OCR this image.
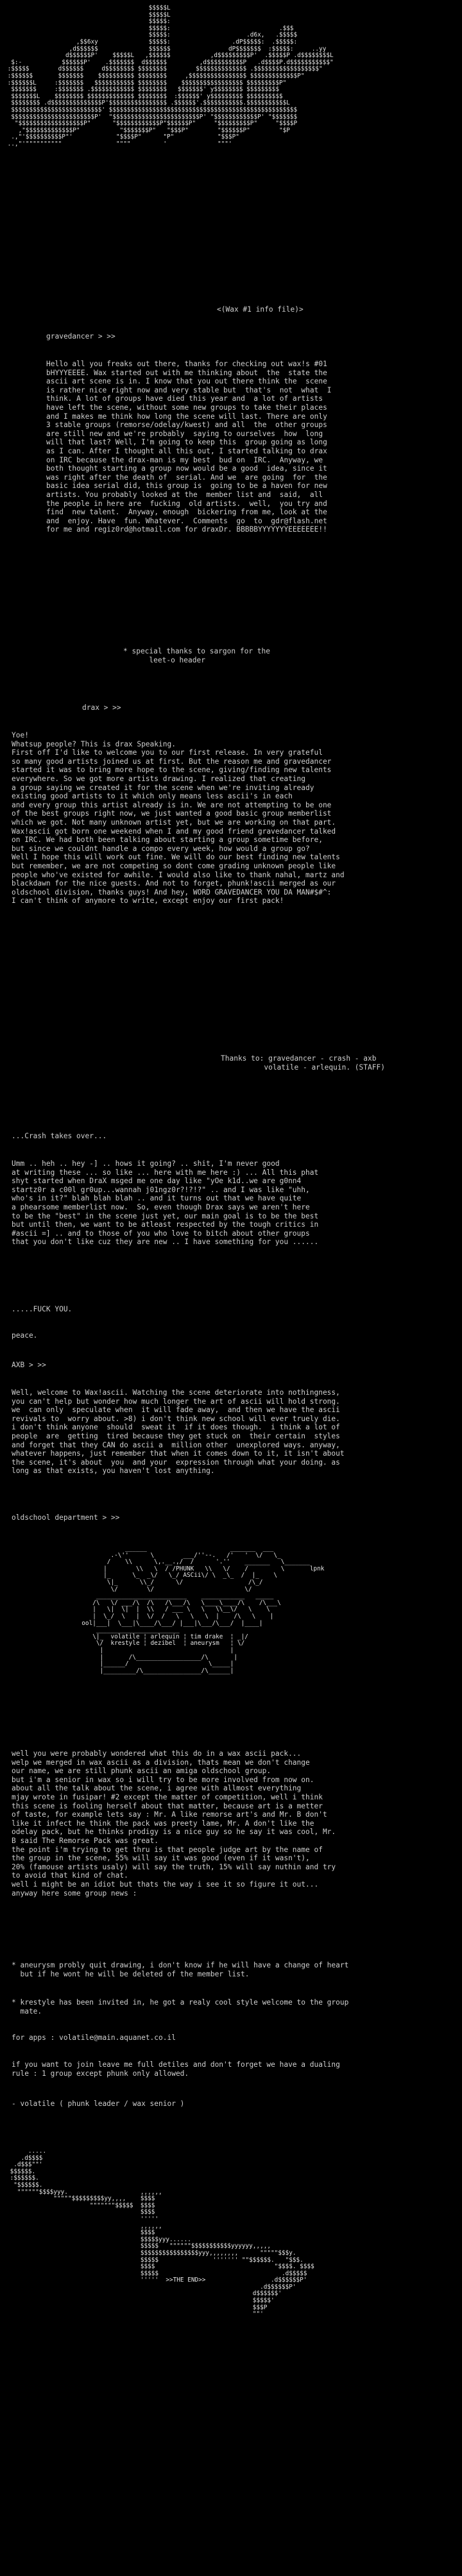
$$$$$L
$$$$$L
$$$$$:
$$$$$:                              .$$$
$$$$$:                     .d6x,   .$$$$$
,$$6xy              $$$$$:                 .dP$$$$$:  .$$$$$:
,d$$$$$$              $$$$$$                dP$$$$$$$  :$$$$$:     ..yy
d$$$$$$P'    $$$$$L   ,$$$$$$           ,d$$$$$$$$$P'  .$$$$$P .d$$$$$$$$L
$:-           $$$$$$P'    .$$$$$$$  d$$$$$$         ,d$$$$$$$$$$P   .d$$$$P.d$$$$$$$$$$$"
:$$$$$        d$$$$$$     d$$$$$$$$ $$$$$$$$        $$$$$$$$$$$$$$ .$$$$$$$$$$$$$$$$$$"
:$$$$$$       $$$$$$$    $$$$$$$$$$ $$$$$$$$     ,$$$$$$$$$$$$$$$$ $$$$$$$$$$$$$P"
:$$$$$$L     :$$$$$$$   $$$$$$$$$$$ $$$$$$$$    $$$$$$$$$$$$$$$$$ $$$$$$$$$P"
$$$$$$$     :$$$$$$$ .$$$$$$$$$$$$ $$$$$$$$   $$$$$$$' y$$$$$$$$ $$$$$$$$$
$$$$$$$L    $$$$$$$$ $$$$$$$$$$$$$ $$$$$$$$  :$$$$$$' y$$$$$$$$$ $$$$$$$$$$
$$$$$$$$ .d$$$$$$$$$$$$$$P'$$$$$$$$$$$$$$$$ .$$$$$$'.$$$$$$$$$$$.$$$$$$$$$$$L
$$$$$$$$$$$$$$$$$$$$$$$$$' $$$$$$$$$$$$$$$$$$$$$$$$$$$$$$$$$$$$$$$$$$$$$$$$$$$$
$$$$$$$$$$$$$$$$$$$$$$$P'  "$$$$$$$$$$$$$$$$$$$$$$$$P' "$$$$$$$$$$$$P' "$$$$$$$
"$$$$$$$$$$$$$$$$$$P"      "$$$$$$$$$$$$P"$$$$$$P"     "$$$$$$$$$P"     "$$$$P
,"$$$$$$$$$$$$$P"           "$$$$$$$P"   "$$$P"        "$$$$$$P"        "$P
.,"'$$$$$$$$$$P"'            "$$$$P"      "P"            "$$$P"
..,"'""""""""""               """"         '              """'
<(Wax #1 info file)>
gravedancer > >>
Hello all you freaks out there, thanks for checking out wax!s #01
bHYYYEEEE. Wax started out with me thinking about  the  state the
ascii art scene is in. I know that you out there think the  scene
is rather nice right now and very stable but  that's  not  what  I
think. A lot of groups have died this year and  a lot of artists
have left the scene, without some new groups to take their places
and I makes me think how long the scene will last. There are only
3 stable groups (remorse/odelay/kwest) and all  the  other groups
are still new and we're probably  saying to ourselves  how  long
will that last? Well, I'm going to keep this  group going as long
as I can. After I thought all this out, I started talking to drax
on IRC because the drax-man is my best  bud on  IRC.  Anyway, we
both thought starting a group now would be a good  idea, since it
was right after the death of  serial. And we  are going  for  the
basic idea serial did, this group is  going to be a haven for new
artists. You probably looked at the  member list and  said,  all
the people in here are  fucking  old artists.  well,  you try and
find  new talent.  Anyway, enough  bickering from me, look at the
and  enjoy. Have  fun. Whatever.  Comments  go  to  gdr@flash.net
for me and regiz0rd@hotmail.com for draxDr. BBBBBYYYYYYYEEEEEEE!!
* special thanks to sargon for the
leet-o header
drax > >>
Yoe!
Whatsup people? This is drax Speaking.
First off I'd like to welcome you to our first release. In very grateful
so many good artists joined us at first. But the reason me and gravedancer
started it was to bring more hope to the scene, giving/finding new talents
everywhere. So we got more artists drawing. I realized that creating
a group saying we created it for the scene when we're inviting already
existing good artists to it which only means less ascii's in each
and every group this artist already is in. We are not attempting to be one
of the best groups right now, we just wanted a good basic group memberlist
which we got. Not many unknown artist yet, but we are working on that part.
Wax!ascii got born one weekend when I and my good friend gravedancer talked
on IRC. We had both been talking about starting a group sometime before,
but since we couldnt handle a compo every week, how would a group go?
Well I hope this will work out fine. We will do our best finding new talents
but remember, we are not competing so dont come grading unknown people like
people who've existed for awhile. I would also like to thank nahal, martz and
blackdawn for the nice guests. And not to forget, phunk!ascii merged as our
oldschool division, thanks guys! And hey, WORD GRAVEDANCER YOU DA MAN#$#^:
I can't think of anymore to write, except enjoy our first pack!
Thanks to: gravedancer - crash - axb
volatile - arlequin. (STAFF)
...Crash takes over...
Umm .. heh .. hey -] .. hows it going? .. shit, I'm never good
at writing these ... so like ... here with me here :) ... All this phat
shyt started when DraX msged me one day like "yOe k1d..we are g0nn4
startz0r a c00l gr0up...wannah j01ngz0r?!?!?" .. and I was like "uhh,
who's in it?" blah blah blah .. and it turns out that we have quite
a phearsome memberlist now.  So, even though Drax says we aren't here
to be the "best" in the scene just yet, our main goal is to be the best
but until then, we want to be atleast respected by the tough critics in
#ascii =] .. and to those of you who love to bitch about other groups
that you don't like cuz they are new .. I have something for you ......
.....FUCK YOU.

peace.
AXB > >>
Well, welcome to Wax!ascii. Watching the scene deteriorate into nothingness,
you can't help but wonder how much longer the art of ascii will hold strong.
we  can only  speculate when  it will fade away,  and then we have the ascii
revivals to  worry about. >8) i don't think new school will ever truely die.
i don't think anyone  should  sweat it  if it does though.  i think a lot of
people  are  getting  tired because they get stuck on  their certain  styles
and forget that they CAN do ascii a  million other  unexplored ways. anyway,
whatever happens, just remember that when it comes down to it, it isn't about
the scene, it's about  you  and your  expression through what your doing. as
long as that exists, you haven't lost anything.
oldschool department > >>
______                       _______  ___
.-\''      \        ___/''--.   /'   '  \/   \_
/    \\      \,.__.,/  /      '.''    _______   \_______
|        \\   \  / /PHUNK   \\   \/    /         \       lpnk
|_      \_  _\/   \_/ ASCii\/ \  _\_  /  |_    \
\|_      \\_/      \/                  /\_/
\/        \/                         \/
_________________________    ____________   _____
/\   \/ ___/\  /\   /\___/\   \____\____/\    /\___\
|   \|  \|  |  \\   / ___ \   \   \\__\/   \    \
|  \_/  \   |  \/  /   \   \   \  |    /\   \    |
ool|___|  \___|\____/\___/ |___|\___/\___/  |____|
_______________________
\|_  volatile ¦ arlequin ¦ tim drake  ¦ _|/
\/  krestyle ¦ dezibel  ¦ aneurysm   ¦ \/
|                                   |
|       /\__________________/\       |
|______/                      \_____|
|_________/\________________/\______|
well you were probably wondered what this do in a wax ascii pack...
welp we merged in wax ascii as a division, thats mean we don't change
our name, we are still phunk ascii an amiga oldschool group.
but i'm a senior in wax so i will try to be more involved from now on.
about all the talk about the scene, i agree with allmost everything
mjay wrote in fusipar! #2 except the matter of competition, well i think
this scene is fooling herself about that matter, because art is a metter
of taste, for example lets say : Mr. A like remorse art's and Mr. B don't
like it infect he think the pack was preety lame, Mr. A don't like the
odelay pack, but he thinks prodigy is a nice guy so he say it was cool, Mr.
B said The Remorse Pack was great.
the point i'm trying to get thru is that people judge art by the name of
the group in the scene, 55% will say it was good (even if it wasn't),
20% (famouse artists usaly) will say the truth, 15% will say nuthin and try
to avoid that kind of chat.
well i might be an idiot but thats the way i see it so figure it out...
anyway here some group news :
* aneurysm probly quit drawing, i don't know if he will have a change of heart
but if he wont he will be deleted of the member list.
* krestyle has been invited in, he got a realy cool style welcome to the group
mate.
for apps : volatile@main.aquanet.co.il
if you want to join leave me full detiles and don't forget we have a dualing
rule : 1 group except phunk only allowed.
- volatile ( phunk leader / wax senior )
.....
.d$$$$
.d$$$""'
$$$$$$.
:$$$$$$.
"$$$$$$.
""""""$$$$yyy.                    ,,,,,,
"""""$$$$$$$$$yy,,,,    $$$$
"""""""$$$$$  $$$$
$$$$
'''''
,,,,,,
$$$$
$$$$$yyy......
$$$$$   """"""$$$$$$$$$$$yyyyyy,,,,,
$$$$$$$$$$$$$$$$yyy,,,,,,,,      """""$$$y.
$$$$$               ''''''' ""$$$$$$.   "$$$.
$$$$                                 "$$$$. $$$$
$$$$$                                  .d$$$$$
'''''  >>THE END>>                  .d$$$$$$P'
.d$$$$$$P'
d$$$$$$'
$$$$$'
$$$P
""'
